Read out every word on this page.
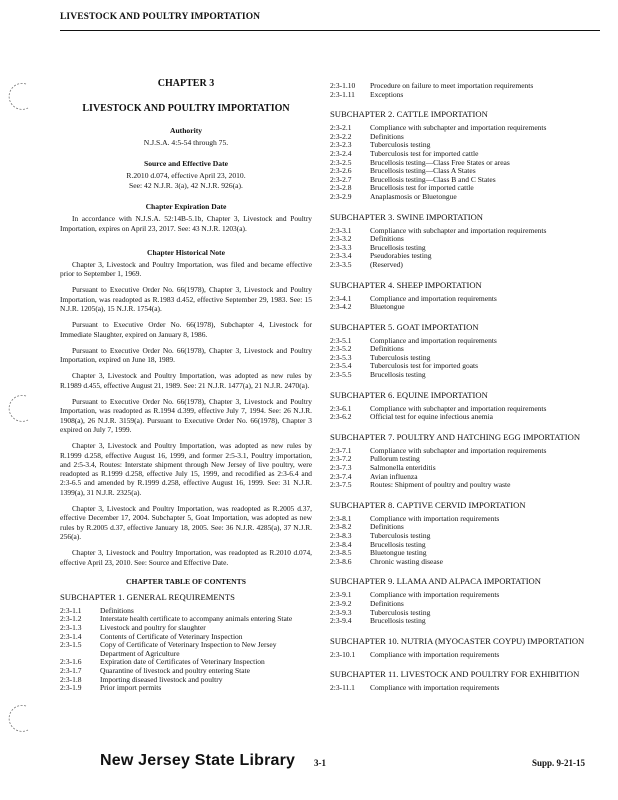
LIVESTOCK AND POULTRY IMPORTATION
CHAPTER 3
LIVESTOCK AND POULTRY IMPORTATION
Authority

N.J.S.A. 4:5-54 through 75.

Source and Effective Date

R.2010 d.074, effective April 23, 2010.

See: 42 N.J.R. 3(a), 42 N.J.R. 926(a).

Chapter Expiration Date

In accordance with N.J.S.A. 52:14B-5.1b, Chapter 3, Livestock and Poultry Importation, expires on April 23, 2017. See: 43 N.J.R. 1203(a).

Chapter Historical Note

Chapter 3, Livestock and Poultry Importation, was filed and became effective prior to September 1, 1969.

Pursuant to Executive Order No. 66(1978), Chapter 3, Livestock and Poultry Importation, was readopted as R.1983 d.452, effective September 29, 1983. See: 15 N.J.R. 1205(a), 15 N.J.R. 1754(a).

Pursuant to Executive Order No. 66(1978), Subchapter 4, Livestock for Immediate Slaughter, expired on January 8, 1986.

Pursuant to Executive Order No. 66(1978), Chapter 3, Livestock and Poultry Importation, expired on June 18, 1989.

Chapter 3, Livestock and Poultry Importation, was adopted as new rules by R.1989 d.455, effective August 21, 1989. See: 21 N.J.R. 1477(a), 21 N.J.R. 2470(a).

Pursuant to Executive Order No. 66(1978), Chapter 3, Livestock and Poultry Importation, was readopted as R.1994 d.399, effective July 7, 1994. See: 26 N.J.R. 1908(a), 26 N.J.R. 3159(a). Pursuant to Executive Order No. 66(1978), Chapter 3 expired on July 7, 1999.

Chapter 3, Livestock and Poultry Importation, was adopted as new rules by R.1999 d.258, effective August 16, 1999, and former 2:5-3.1, Poultry importation, and 2:5-3.4, Routes: Interstate shipment through New Jersey of live poultry, were readopted as R.1999 d.258, effective July 15, 1999, and recodified as 2:3-6.4 and 2:3-6.5 and amended by R.1999 d.258, effective August 16, 1999. See: 31 N.J.R. 1399(a), 31 N.J.R. 2325(a).

Chapter 3, Livestock and Poultry Importation, was readopted as R.2005 d.37, effective December 17, 2004. Subchapter 5, Goat Importation, was adopted as new rules by R.2005 d.37, effective January 18, 2005. See: 36 N.J.R. 4285(a), 37 N.J.R. 256(a).

Chapter 3, Livestock and Poultry Importation, was readopted as R.2010 d.074, effective April 23, 2010. See: Source and Effective Date.

CHAPTER TABLE OF CONTENTS
SUBCHAPTER 1. GENERAL REQUIREMENTS
2:3-1.1	Definitions
2:3-1.2	Interstate health certificate to accompany animals entering State
2:3-1.3	Livestock and poultry for slaughter
2:3-1.4	Contents of Certificate of Veterinary Inspection
2:3-1.5	Copy of Certificate of Veterinary Inspection to New Jersey Department of Agriculture
2:3-1.6	Expiration date of Certificates of Veterinary Inspection
2:3-1.7	Quarantine of livestock and poultry entering State
2:3-1.8	Importing diseased livestock and poultry
2:3-1.9	Prior import permits
2:3-1.10	Procedure on failure to meet importation requirements
2:3-1.11	Exceptions
SUBCHAPTER 2. CATTLE IMPORTATION
2:3-2.1	Compliance with subchapter and importation requirements
2:3-2.2	Definitions
2:3-2.3	Tuberculosis testing
2:3-2.4	Tuberculosis test for imported cattle
2:3-2.5	Brucellosis testing—Class Free States or areas
2:3-2.6	Brucellosis testing—Class A States
2:3-2.7	Brucellosis testing—Class B and C States
2:3-2.8	Brucellosis test for imported cattle
2:3-2.9	Anaplasmosis or Bluetongue
SUBCHAPTER 3. SWINE IMPORTATION
2:3-3.1	Compliance with subchapter and importation requirements
2:3-3.2	Definitions
2:3-3.3	Brucellosis testing
2:3-3.4	Pseudorabies testing
2:3-3.5	(Reserved)
SUBCHAPTER 4. SHEEP IMPORTATION
2:3-4.1	Compliance and importation requirements
2:3-4.2	Bluetongue
SUBCHAPTER 5. GOAT IMPORTATION
2:3-5.1	Compliance and importation requirements
2:3-5.2	Definitions
2:3-5.3	Tuberculosis testing
2:3-5.4	Tuberculosis test for imported goats
2:3-5.5	Brucellosis testing
SUBCHAPTER 6. EQUINE IMPORTATION
2:3-6.1	Compliance with subchapter and importation requirements
2:3-6.2	Official test for equine infectious anemia
SUBCHAPTER 7. POULTRY AND HATCHING EGG IMPORTATION
2:3-7.1	Compliance with subchapter and importation requirements
2:3-7.2	Pullorum testing
2:3-7.3	Salmonella enteriditis
2:3-7.4	Avian influenza
2:3-7.5	Routes: Shipment of poultry and poultry waste
SUBCHAPTER 8. CAPTIVE CERVID IMPORTATION
2:3-8.1	Compliance with importation requirements
2:3-8.2	Definitions
2:3-8.3	Tuberculosis testing
2:3-8.4	Brucellosis testing
2:3-8.5	Bluetongue testing
2:3-8.6	Chronic wasting disease
SUBCHAPTER 9. LLAMA AND ALPACA IMPORTATION
2:3-9.1	Compliance with importation requirements
2:3-9.2	Definitions
2:3-9.3	Tuberculosis testing
2:3-9.4	Brucellosis testing
SUBCHAPTER 10. NUTRIA (MYOCASTER COYPU) IMPORTATION
2:3-10.1	Compliance with importation requirements
SUBCHAPTER 11. LIVESTOCK AND POULTRY FOR EXHIBITION
2:3-11.1	Compliance with importation requirements
New Jersey State Library 3-1	Supp. 9-21-15
